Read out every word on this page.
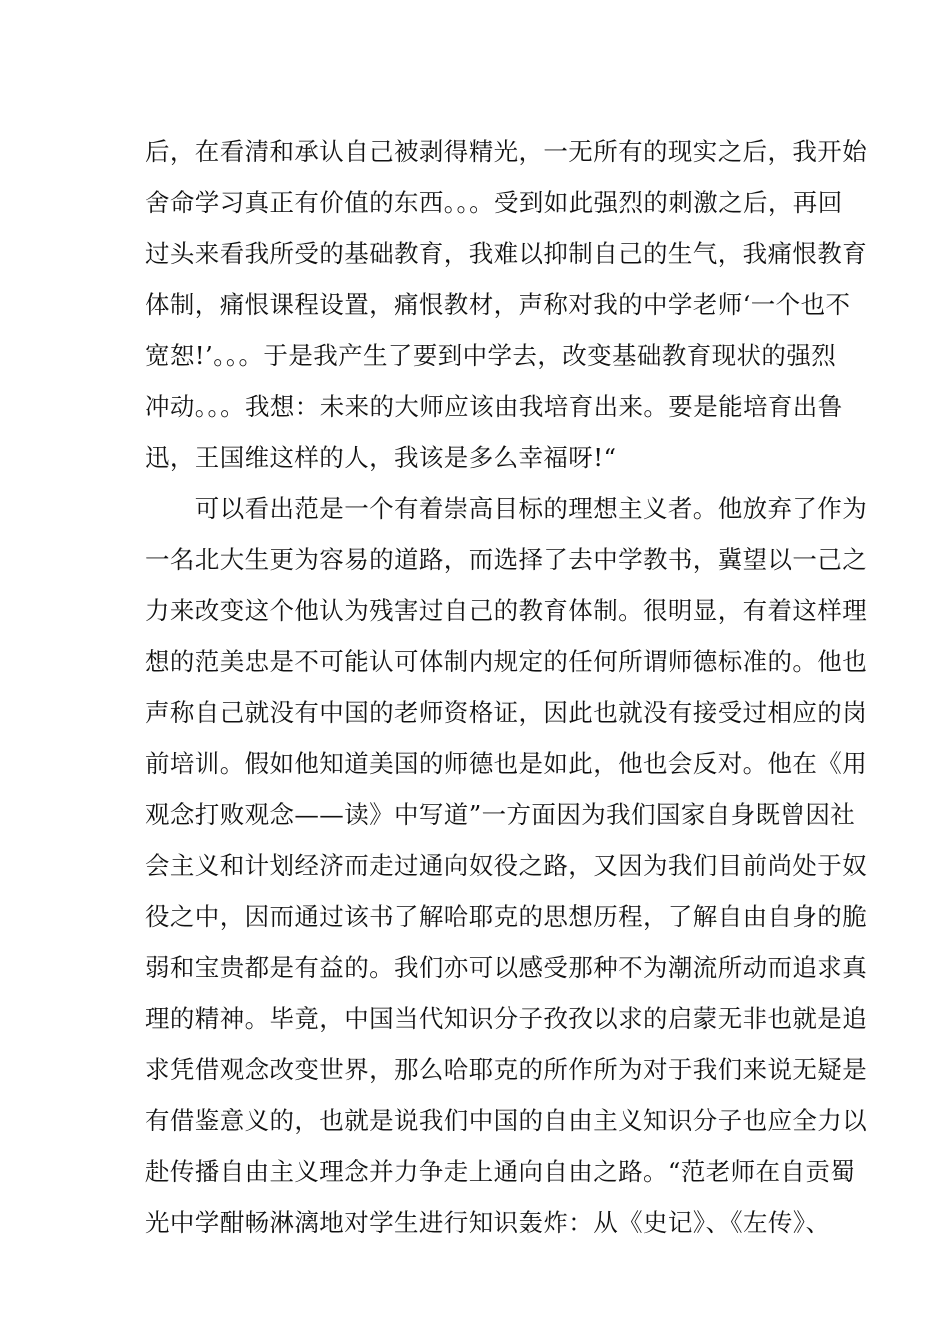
后，在看清和承认自己被剥得精光，一无所有的现实之后，我开始
舍命学习真正有价值的东西。。。受到如此强烈的刺激之后，再回
过头来看我所受的基础教育，我难以抑制自己的生气，我痛恨教育
体制，痛恨课程设置，痛恨教材，声称对我的中学老师‘一个也不
宽恕!’。。。于是我产生了要到中学去，改变基础教育现状的强烈
冲动。。。我想：未来的大师应该由我培育出来。要是能培育出鲁
迅，王国维这样的人，我该是多么幸福呀!“
　　可以看出范是一个有着崇高目标的理想主义者。他放弃了作为
一名北大生更为容易的道路，而选择了去中学教书，冀望以一己之
力来改变这个他认为残害过自己的教育体制。很明显，有着这样理
想的范美忠是不可能认可体制内规定的任何所谓师德标准的。他也
声称自己就没有中国的老师资格证，因此也就没有接受过相应的岗
前培训。假如他知道美国的师德也是如此，他也会反对。他在《用
观念打败观念——读》中写道”一方面因为我们国家自身既曾因社
会主义和计划经济而走过通向奴役之路，又因为我们目前尚处于奴
役之中，因而通过该书了解哈耶克的思想历程，了解自由自身的脆
弱和宝贵都是有益的。我们亦可以感受那种不为潮流所动而追求真
理的精神。毕竟，中国当代知识分子孜孜以求的启蒙无非也就是追
求凭借观念改变世界，那么哈耶克的所作所为对于我们来说无疑是
有借鉴意义的，也就是说我们中国的自由主义知识分子也应全力以
赴传播自由主义理念并力争走上通向自由之路。“范老师在自贡蜀
光中学酣畅淋漓地对学生进行知识轰炸：从《史记》、《左传》、
